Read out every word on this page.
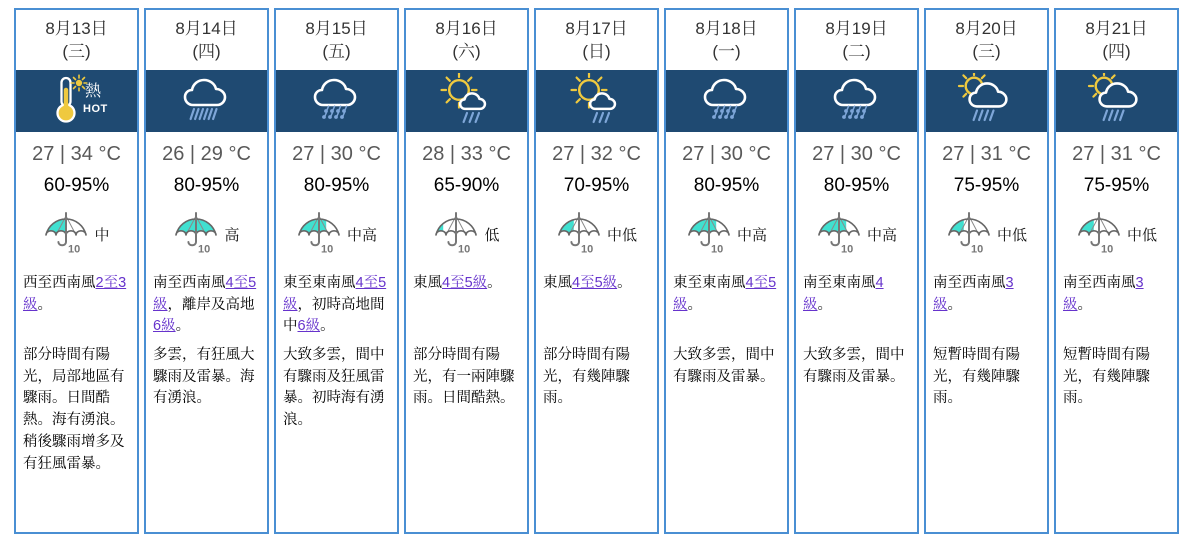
8月13日
(三)
熱
HOT
27 | 34 °C
60-95%
10
中
西至西南風2至3級。
部分時間有陽光，局部地區有驟雨。日間酷熱。海有湧浪。稍後驟雨增多及有狂風雷暴。
8月14日
(四)
26 | 29 °C
80-95%
10
高
南至西南風4至5級，離岸及高地6級。
多雲，有狂風大驟雨及雷暴。海有湧浪。
8月15日
(五)
27 | 30 °C
80-95%
10
中高
東至東南風4至5級，初時高地間中6級。
大致多雲，間中有驟雨及狂風雷暴。初時海有湧浪。
8月16日
(六)
28 | 33 °C
65-90%
10
低
東風4至5級。
部分時間有陽光，有一兩陣驟雨。日間酷熱。
8月17日
(日)
27 | 32 °C
70-95%
10
中低
東風4至5級。
部分時間有陽光，有幾陣驟雨。
8月18日
(一)
27 | 30 °C
80-95%
10
中高
東至東南風4至5級。
大致多雲，間中有驟雨及雷暴。
8月19日
(二)
27 | 30 °C
80-95%
10
中高
南至東南風4級。
大致多雲，間中有驟雨及雷暴。
8月20日
(三)
27 | 31 °C
75-95%
10
中低
南至西南風3級。
短暫時間有陽光，有幾陣驟雨。
8月21日
(四)
27 | 31 °C
75-95%
10
中低
南至西南風3級。
短暫時間有陽光，有幾陣驟雨。
